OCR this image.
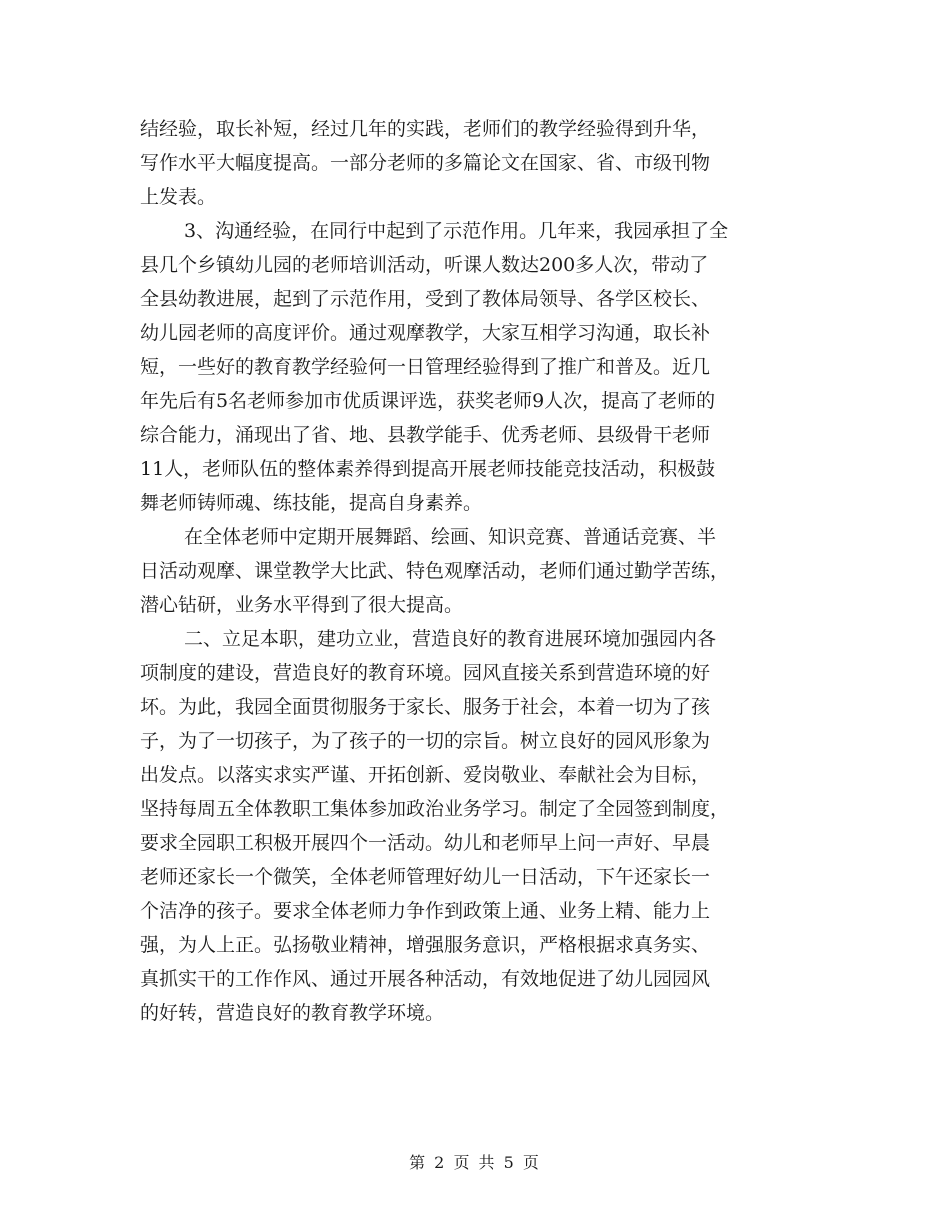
结经验，取长补短，经过几年的实践，老师们的教学经验得到升华，
写作水平大幅度提高。一部分老师的多篇论文在国家、省、市级刊物
上发表。
3、沟通经验，在同行中起到了示范作用。几年来，我园承担了全
县几个乡镇幼儿园的老师培训活动，听课人数达200多人次，带动了
全县幼教进展，起到了示范作用，受到了教体局领导、各学区校长、
幼儿园老师的高度评价。通过观摩教学，大家互相学习沟通，取长补
短，一些好的教育教学经验何一日管理经验得到了推广和普及。近几
年先后有5名老师参加市优质课评选，获奖老师9人次，提高了老师的
综合能力，涌现出了省、地、县教学能手、优秀老师、县级骨干老师
11人，老师队伍的整体素养得到提高开展老师技能竞技活动，积极鼓
舞老师铸师魂、练技能，提高自身素养。
在全体老师中定期开展舞蹈、绘画、知识竞赛、普通话竞赛、半
日活动观摩、课堂教学大比武、特色观摩活动，老师们通过勤学苦练，
潜心钻研，业务水平得到了很大提高。
二、立足本职，建功立业，营造良好的教育进展环境加强园内各
项制度的建设，营造良好的教育环境。园风直接关系到营造环境的好
坏。为此，我园全面贯彻服务于家长、服务于社会，本着一切为了孩
子，为了一切孩子，为了孩子的一切的宗旨。树立良好的园风形象为
出发点。以落实求实严谨、开拓创新、爱岗敬业、奉献社会为目标，
坚持每周五全体教职工集体参加政治业务学习。制定了全园签到制度，
要求全园职工积极开展四个一活动。幼儿和老师早上问一声好、早晨
老师还家长一个微笑，全体老师管理好幼儿一日活动，下午还家长一
个洁净的孩子。要求全体老师力争作到政策上通、业务上精、能力上
强，为人上正。弘扬敬业精神，增强服务意识，严格根据求真务实、
真抓实干的工作作风、通过开展各种活动，有效地促进了幼儿园园风
的好转，营造良好的教育教学环境。
第 2 页 共 5 页
